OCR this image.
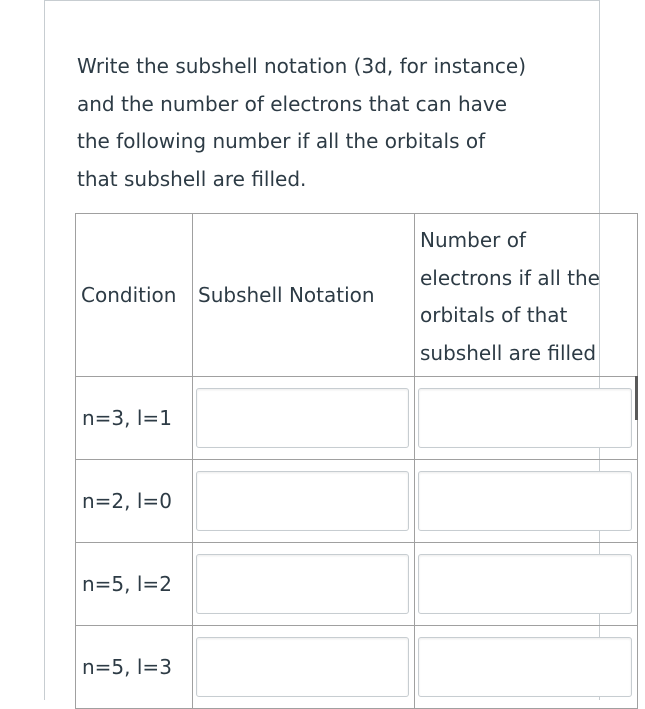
Write the subshell notation (3d, for instance)
and the number of electrons that can have
the following number if all the orbitals of
that subshell are filled.
Condition	Subshell Notation	Number of
electrons if all the
orbitals of that
subshell are filled

n=3, l=1

n=2, l=0

n=5, l=2

n=5, l=3
